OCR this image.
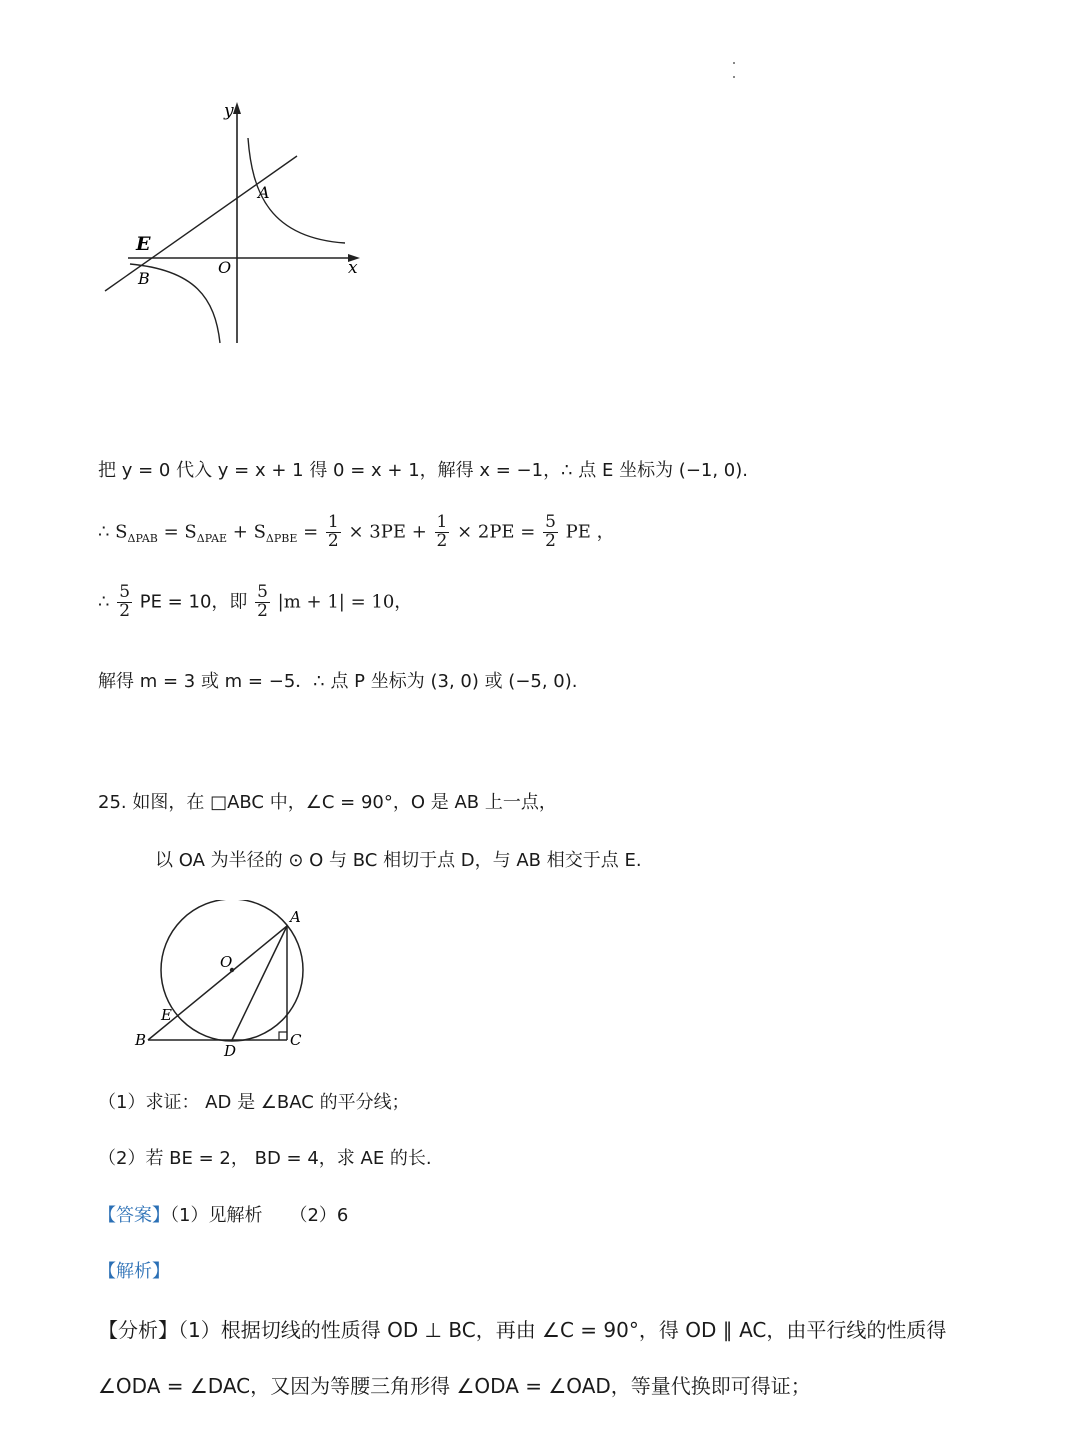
y
x
A
O
E
B
把 y = 0 代入 y = x + 1 得 0 = x + 1，解得 x = −1，∴ 点 E 坐标为 (−1, 0).
∴ $S_{\Delta PAB} = S_{\Delta PAE} + S_{\Delta PBE} = \frac{1}{2} \times 3PE + \frac{1}{2} \times 2PE = \frac{5}{2}$ PE ，
∴ $\frac{5}{2}$ PE = 10，即 $\frac{5}{2} |m + 1| = 10$，
解得 m = 3 或 m = −5．∴ 点 P 坐标为 (3, 0) 或 (−5, 0).
25. 如图，在 □ABC 中，∠C = 90°，O 是 AB 上一点，
以 OA 为半径的 ⊙ O 与 BC 相切于点 D，与 AB 相交于点 E.
A
O
E
B
D
C
（1）求证： AD 是 ∠BAC 的平分线；
（2）若 BE = 2， BD = 4，求 AE 的长.
【答案】（1）见解析　　（2）6
【解析】
【分析】（1）根据切线的性质得 OD ⊥ BC，再由 ∠C = 90°，得 OD ∥ AC，由平行线的性质得
∠ODA = ∠DAC，又因为等腰三角形得 ∠ODA = ∠OAD，等量代换即可得证；
